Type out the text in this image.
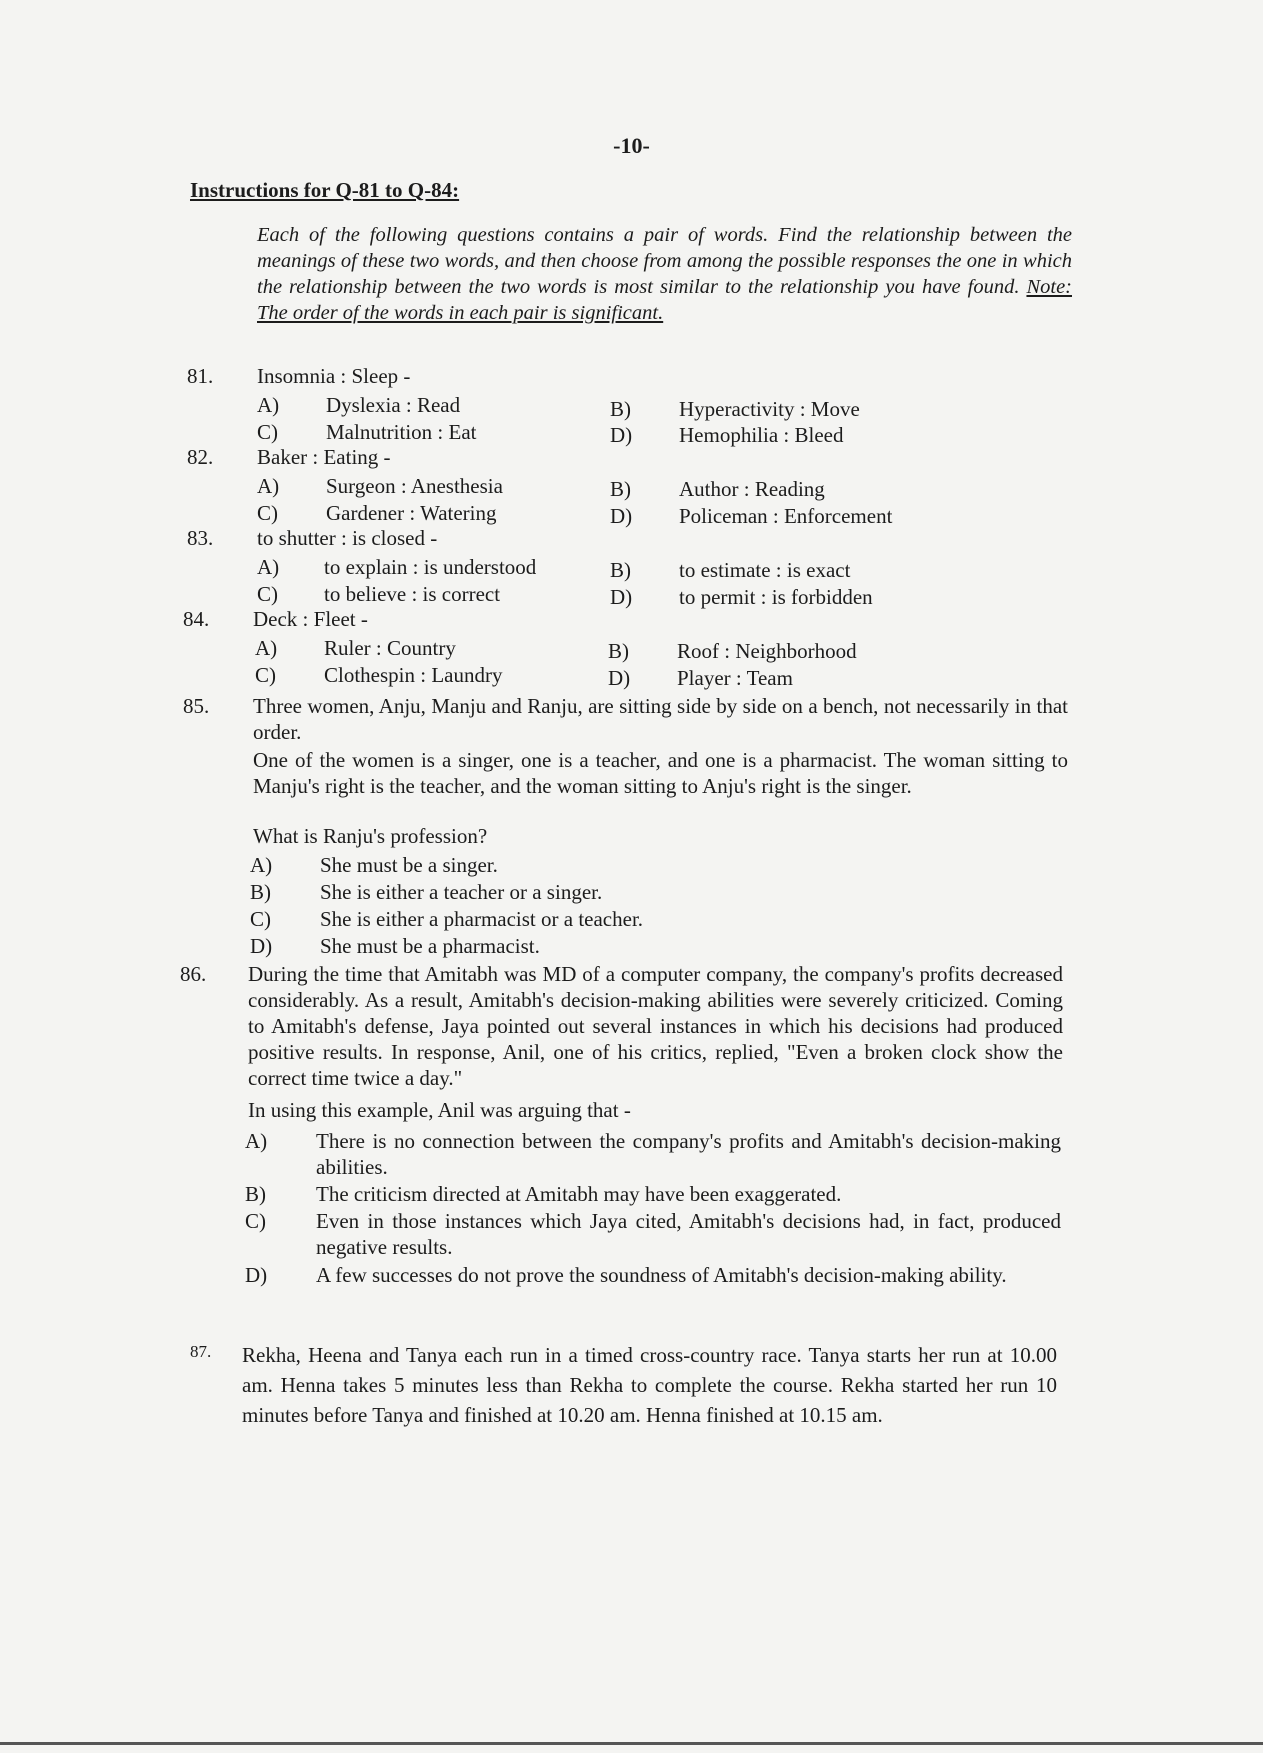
-10-
Instructions for Q-81 to Q-84:
Each of the following questions contains a pair of words. Find the relationship between the meanings of these two words, and then choose from among the possible responses the one in which the relationship between the two words is most similar to the relationship you have found. Note: The order of the words in each pair is significant.
81. Insomnia : Sleep -
A) Dyslexia : Read	B) Hyperactivity : Move
C) Malnutrition : Eat	D) Hemophilia : Bleed
82. Baker : Eating -
A) Surgeon : Anesthesia	B) Author : Reading
C) Gardener : Watering	D) Policeman : Enforcement
83. to shutter : is closed -
A) to explain : is understood	B) to estimate : is exact
C) to believe : is correct	D) to permit : is forbidden
84. Deck : Fleet -
A) Ruler : Country	B) Roof : Neighborhood
C) Clothespin : Laundry	D) Player : Team
85. Three women, Anju, Manju and Ranju, are sitting side by side on a bench, not necessarily in that order.
One of the women is a singer, one is a teacher, and one is a pharmacist. The woman sitting to Manju's right is the teacher, and the woman sitting to Anju's right is the singer.
What is Ranju's profession?
A) She must be a singer.
B) She is either a teacher or a singer.
C) She is either a pharmacist or a teacher.
D) She must be a pharmacist.
86. During the time that Amitabh was MD of a computer company, the company's profits decreased considerably. As a result, Amitabh's decision-making abilities were severely criticized. Coming to Amitabh's defense, Jaya pointed out several instances in which his decisions had produced positive results. In response, Anil, one of his critics, replied, "Even a broken clock show the correct time twice a day."
In using this example, Anil was arguing that -
A) There is no connection between the company's profits and Amitabh's decision-making abilities.
B) The criticism directed at Amitabh may have been exaggerated.
C) Even in those instances which Jaya cited, Amitabh's decisions had, in fact, produced negative results.
D) A few successes do not prove the soundness of Amitabh's decision-making ability.
87. Rekha, Heena and Tanya each run in a timed cross-country race. Tanya starts her run at 10.00 am. Henna takes 5 minutes less than Rekha to complete the course. Rekha started her run 10 minutes before Tanya and finished at 10.20 am. Henna finished at 10.15 am.
